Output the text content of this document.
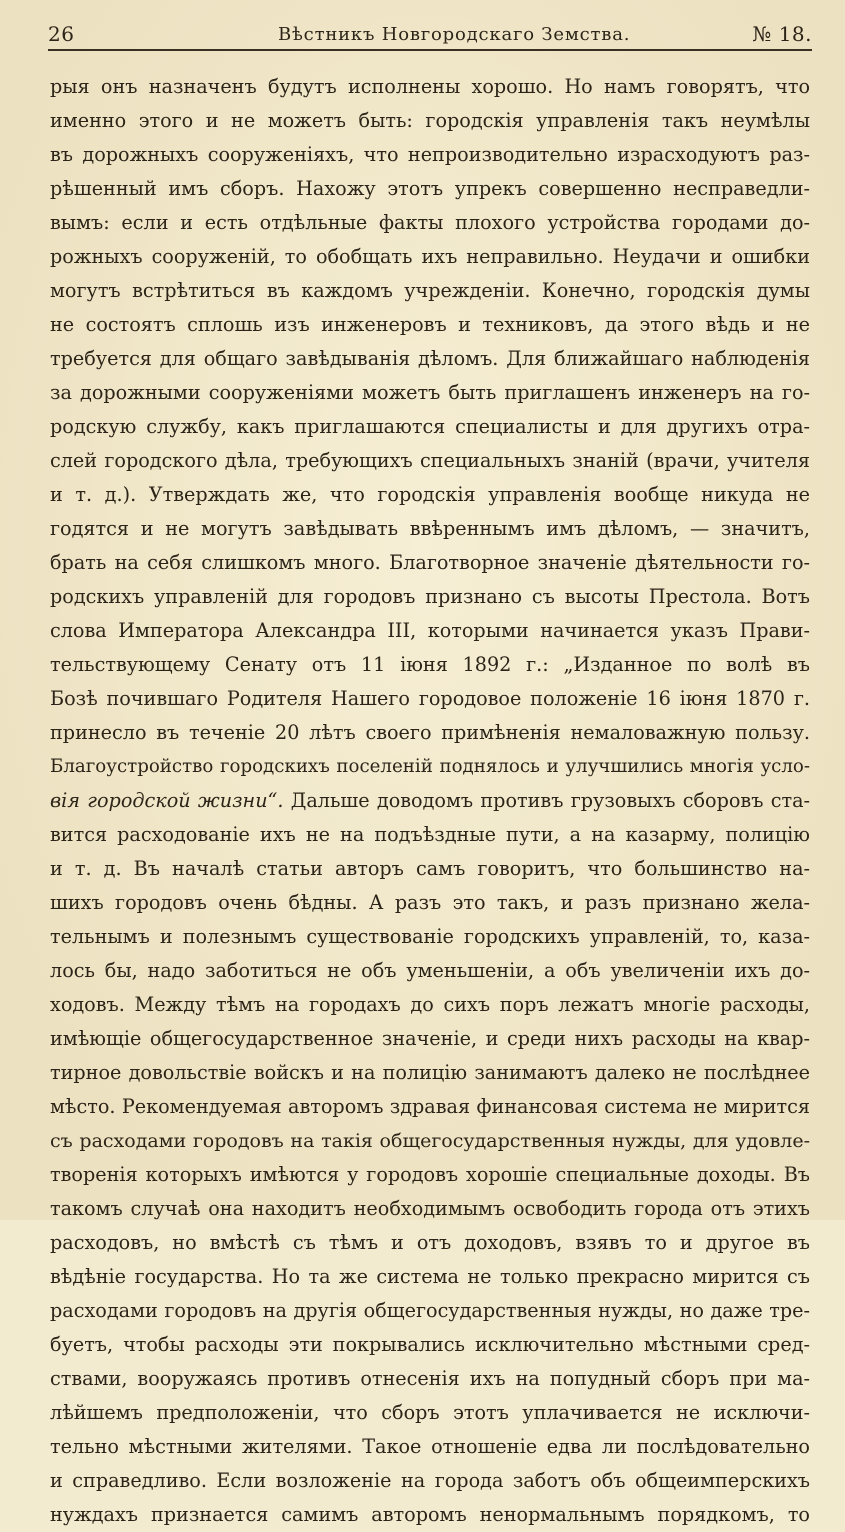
26	Вѣстникъ Новгородскаго Земства.	№ 18.
рыя онъ назначенъ будутъ исполнены хорошо. Но намъ говорятъ, что
именно этого и не можетъ быть: городскія управленія такъ неумѣлы
въ дорожныхъ сооруженіяхъ, что непроизводительно израсходуютъ раз-
рѣшенный имъ сборъ. Нахожу этотъ упрекъ совершенно несправедли-
вымъ: если и есть отдѣльные факты плохого устройства городами до-
рожныхъ сооруженій, то обобщать ихъ неправильно. Неудачи и ошибки
могутъ встрѣтиться въ каждомъ учрежденіи. Конечно, городскія думы
не состоятъ сплошь изъ инженеровъ и техниковъ, да этого вѣдь и не
требуется для общаго завѣдыванія дѣломъ. Для ближайшаго наблюденія
за дорожными сооруженіями можетъ быть приглашенъ инженеръ на го-
родскую службу, какъ приглашаются специалисты и для другихъ отра-
слей городского дѣла, требующихъ специальныхъ знаній (врачи, учителя
и т. д.). Утверждать же, что городскія управленія вообще никуда не
годятся и не могутъ завѣдывать ввѣреннымъ имъ дѣломъ, — значитъ,
брать на себя слишкомъ много. Благотворное значеніе дѣятельности го-
родскихъ управленій для городовъ признано съ высоты Престола. Вотъ
слова Императора Александра III, которыми начинается указъ Прави-
тельствующему Сенату отъ 11 іюня 1892 г.: „Изданное по волѣ въ
Бозѣ почившаго Родителя Нашего городовое положеніе 16 іюня 1870 г.
принесло въ теченіе 20 лѣтъ своего примѣненія немаловажную пользу.
Благоустройство городскихъ поселеній поднялось и улучшились многія усло-
вія городской жизни“. Дальше доводомъ противъ грузовыхъ сборовъ ста-
вится расходованіе ихъ не на подъѣздные пути, а на казарму, полицію
и т. д. Въ началѣ статьи авторъ самъ говоритъ, что большинство на-
шихъ городовъ очень бѣдны. А разъ это такъ, и разъ признано жела-
тельнымъ и полезнымъ существованіе городскихъ управленій, то, каза-
лось бы, надо заботиться не объ уменьшеніи, а объ увеличеніи ихъ до-
ходовъ. Между тѣмъ на городахъ до сихъ поръ лежатъ многіе расходы,
имѣющіе общегосударственное значеніе, и среди нихъ расходы на квар-
тирное довольствіе войскъ и на полицію занимаютъ далеко не послѣднее
мѣсто. Рекомендуемая авторомъ здравая финансовая система не мирится
съ расходами городовъ на такія общегосударственныя нужды, для удовле-
творенія которыхъ имѣются у городовъ хорошіе специальные доходы. Въ
такомъ случаѣ она находитъ необходимымъ освободить города отъ этихъ
расходовъ, но вмѣстѣ съ тѣмъ и отъ доходовъ, взявъ то и другое въ
вѣдѣніе государства. Но та же система не только прекрасно мирится съ
расходами городовъ на другія общегосударственныя нужды, но даже тре-
буетъ, чтобы расходы эти покрывались исключительно мѣстными сред-
ствами, вооружаясь противъ отнесенія ихъ на попудный сборъ при ма-
лѣйшемъ предположеніи, что сборъ этотъ уплачивается не исключи-
тельно мѣстными жителями. Такое отношеніе едва ли послѣдовательно
и справедливо. Если возложеніе на города заботъ объ общеимперскихъ
нуждахъ признается самимъ авторомъ ненормальнымъ порядкомъ, то
